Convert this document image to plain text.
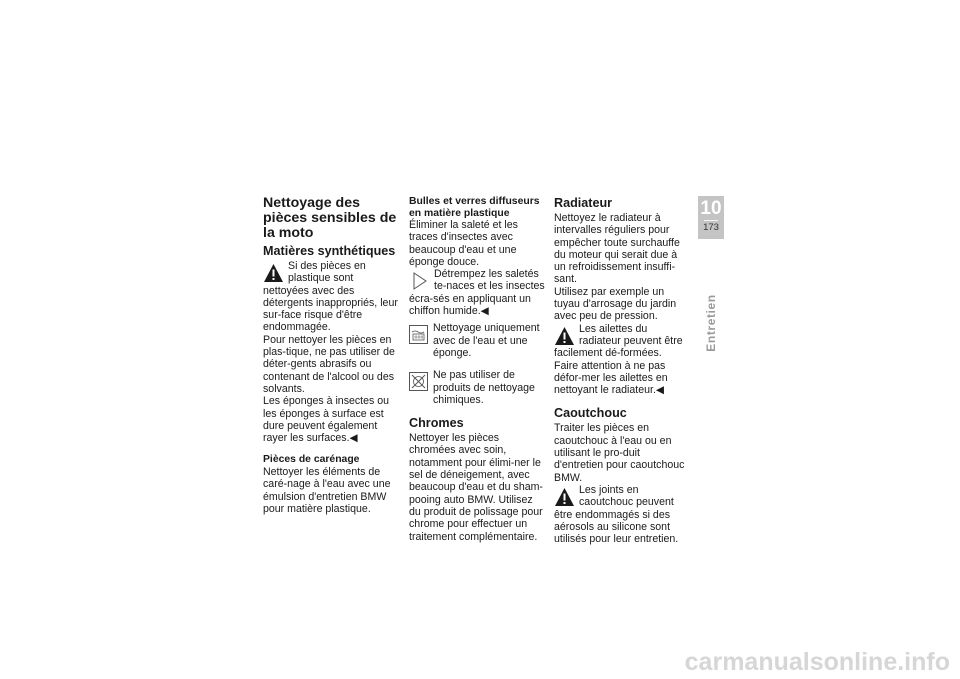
Nettoyage des pièces sensibles de la moto
Matières synthétiques

Si des pièces en plastique sont nettoyées avec des détergents inappropriés, leur sur-face risque d'être endommagée.

Pour nettoyer les pièces en plas-tique, ne pas utiliser de déter-gents abrasifs ou contenant de l'alcool ou des solvants.

Les éponges à insectes ou les éponges à surface est dure peuvent également rayer les surfaces.◀

Pièces de carénage

Nettoyer les éléments de caré-nage à l'eau avec une émulsion d'entretien BMW pour matière plastique.

Bulles et verres diffuseurs en matière plastique

Éliminer la saleté et les traces d'insectes avec beaucoup d'eau et une éponge douce.

Détrempez les saletés te-naces et les insectes écra-sés en appliquant un chiffon humide.◀

Nettoyage uniquement avec de l'eau et une éponge.

Ne pas utiliser de produits de nettoyage chimiques.

Chromes

Nettoyer les pièces chromées avec soin, notamment pour élimi-ner le sel de déneigement, avec beaucoup d'eau et du sham-pooing auto BMW. Utilisez du produit de polissage pour chrome pour effectuer un traitement complémentaire.

Radiateur

Nettoyez le radiateur à intervalles réguliers pour empêcher toute surchauffe du moteur qui serait due à un refroidissement insuffi-sant.

Utilisez par exemple un tuyau d'arrosage du jardin avec peu de pression.

Les ailettes du radiateur peuvent être facilement dé-formées.

Faire attention à ne pas défor-mer les ailettes en nettoyant le radiateur.◀

Caoutchouc

Traiter les pièces en caoutchouc à l'eau ou en utilisant le pro-duit d'entretien pour caoutchouc BMW.

Les joints en caoutchouc peuvent être endommagés si des aérosols au silicone sont utilisés pour leur entretien.

10
173
Entretien
carmanualsonline.info
